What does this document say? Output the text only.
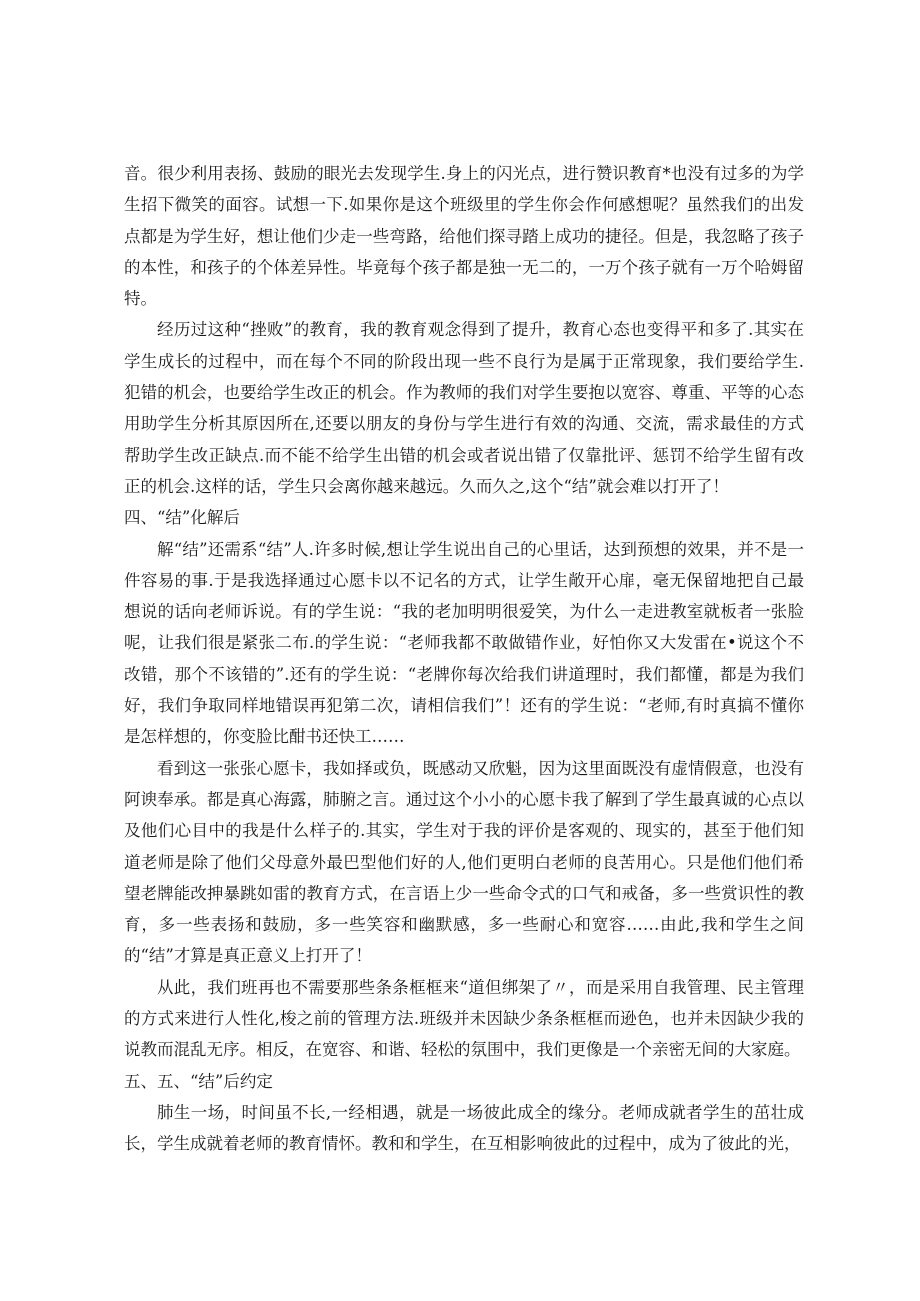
音。很少利用表扬、鼓励的眼光去发现学生.身上的闪光点，进行赞识教育*也没有过多的为学生招下微笑的面容。试想一下.如果你是这个班级里的学生你会作何感想呢？虽然我们的出发点都是为学生好，想让他们少走一些弯路，给他们探寻踏上成功的捷径。但是，我忽略了孩子的本性，和孩子的个体差异性。毕竟每个孩子都是独一无二的，一万个孩子就有一万个哈姆留特。

经历过这种“挫败”的教育，我的教育观念得到了提升，教育心态也变得平和多了.其实在学生成长的过程中，而在每个不同的阶段出现一些不良行为是属于正常现象，我们要给学生.犯错的机会，也要给学生改正的机会。作为教师的我们对学生要抱以宽容、尊重、平等的心态用助学生分析其原因所在,还要以朋友的身份与学生进行有效的沟通、交流，需求最佳的方式帮助学生改正缺点.而不能不给学生出错的机会或者说出错了仅靠批评、惩罚不给学生留有改正的机会.这样的话，学生只会离你越来越远。久而久之,这个“结”就会难以打开了！

四、“结”化解后

解“结”还需系“结”人.许多时候,想让学生说出自己的心里话，达到预想的效果，并不是一件容易的事.于是我选择通过心愿卡以不记名的方式，让学生敞开心扉，毫无保留地把自己最想说的话向老师诉说。有的学生说：“我的老加明明很爱笑，为什么一走进教室就板者一张脸呢，让我们很是紧张二布.的学生说：“老师我都不敢做错作业，好怕你又大发雷在•说这个不改错，那个不该错的”.还有的学生说：“老牌你每次给我们讲道理时，我们都懂，都是为我们好，我们争取同样地错误再犯第二次，请相信我们”！还有的学生说：“老师,有时真搞不懂你是怎样想的，你变脸比酣书还快工……

看到这一张张心愿卡，我如择或负，既感动又欣魁，因为这里面既没有虚情假意，也没有阿谀奉承。都是真心海露，肺腑之言。通过这个小小的心愿卡我了解到了学生最真诚的心点以及他们心目中的我是什么样子的.其实，学生对于我的评价是客观的、现实的，甚至于他们知道老师是除了他们父母意外最巴型他们好的人,他们更明白老师的良苦用心。只是他们他们希望老牌能改抻暴跳如雷的教育方式，在言语上少一些命令式的口气和戒备，多一些赏识性的教育，多一些表扬和鼓励，多一些笑容和幽默感，多一些耐心和宽容……由此,我和学生之间的“结”才算是真正意义上打开了！

从此，我们班再也不需要那些条条框框来“道但绑架了〃，而是采用自我管理、民主管理的方式来进行人性化,梭之前的管理方法.班级并未因缺少条条框框而逊色，也并未因缺少我的说教而混乱无序。相反，在宽容、和谐、轻松的氛围中，我们更像是一个亲密无间的大家庭。

五、五、“结”后约定

肺生一场，时间虽不长,一经相遇，就是一场彼此成全的缘分。老师成就者学生的茁壮成长，学生成就着老师的教育情怀。教和和学生，在互相影响彼此的过程中，成为了彼此的光，
